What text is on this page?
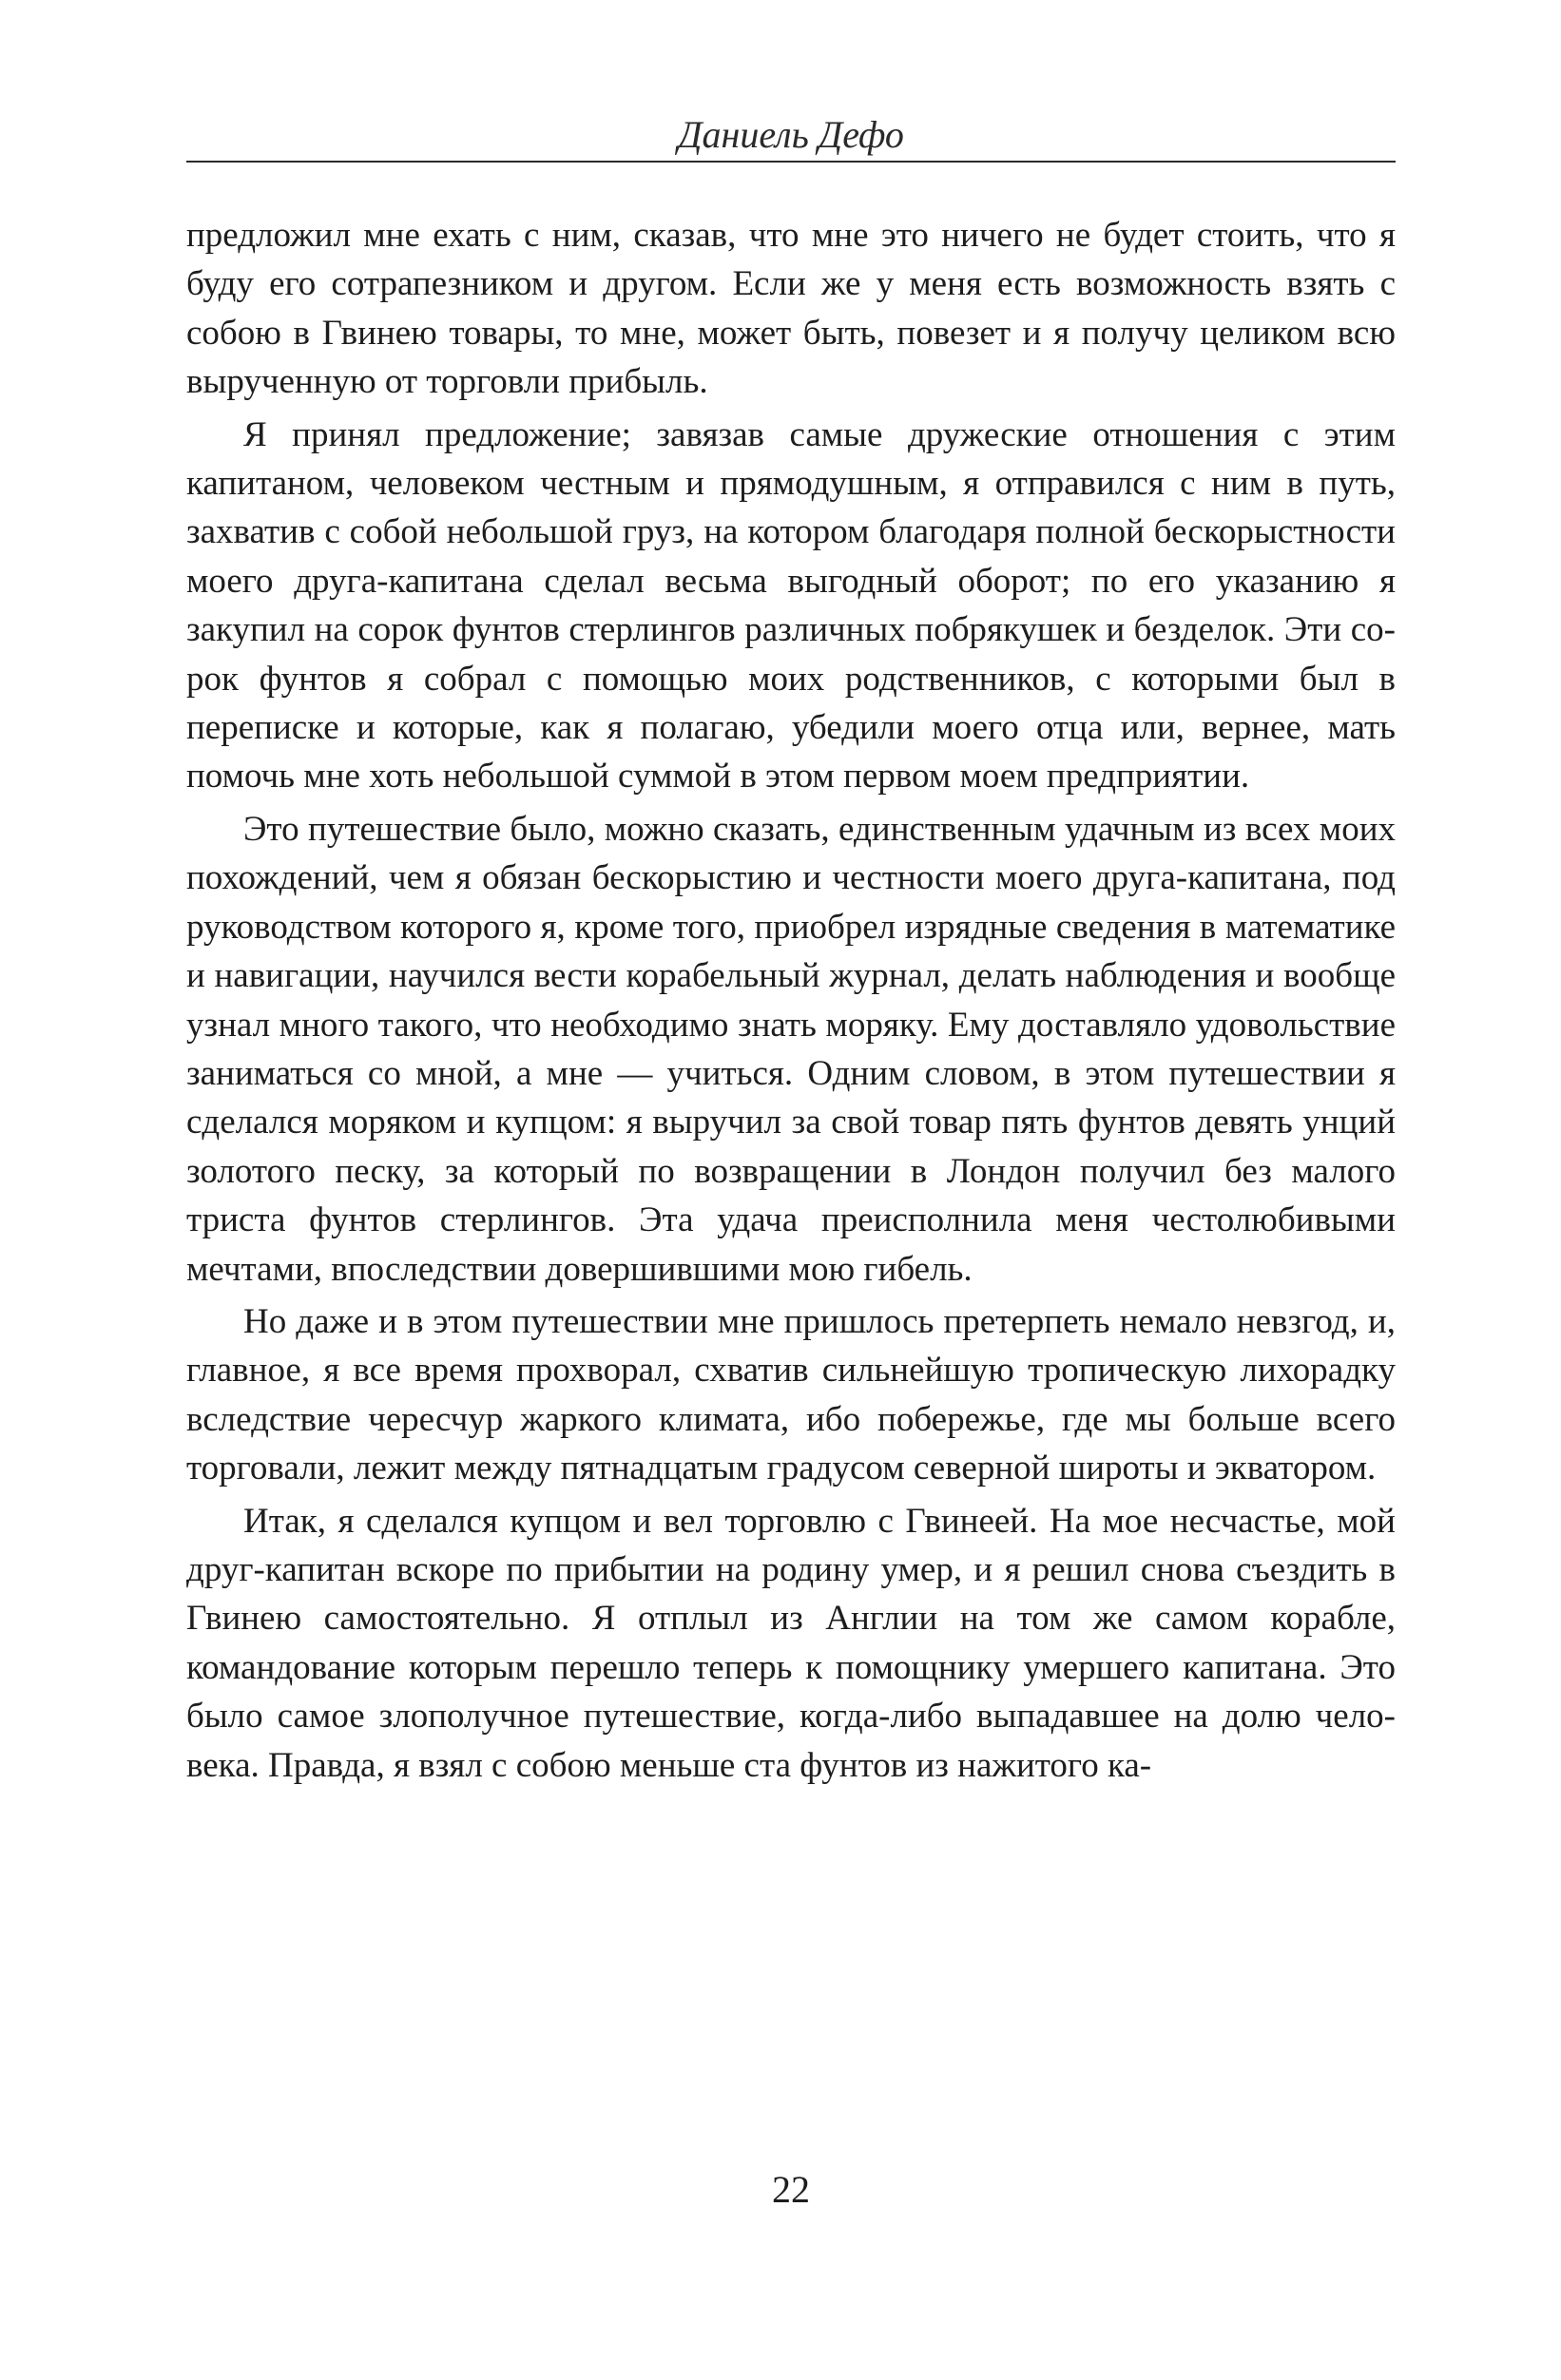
Даниель Дефо

предложил мне ехать с ним, сказав, что мне это ничего не будет стоить, что я буду его сотрапезником и другом. Если же у меня есть возможность взять с собою в Гвинею товары, то мне, может быть, повезет и я получу целиком всю вырученную от торговли прибыль.

Я принял предложение; завязав самые дружеские отношения с этим капитаном, человеком честным и прямодушным, я отправился с ним в путь, захватив с собой небольшой груз, на котором благодаря полной бескорыстности моего друга-капитана сделал весьма выгодный оборот; по его указанию я закупил на сорок фунтов стерлингов различных побрякушек и безделок. Эти сорок фунтов я собрал с помощью моих родственников, с которыми был в переписке и которые, как я полагаю, убедили моего отца или, вернее, мать помочь мне хоть небольшой суммой в этом первом моем предприятии.

Это путешествие было, можно сказать, единственным удачным из всех моих похождений, чем я обязан бескорыстию и честности моего друга-капитана, под руководством которого я, кроме того, приобрел изрядные сведения в математике и навигации, научился вести корабельный журнал, делать наблюдения и вообще узнал много такого, что необходимо знать моряку. Ему доставляло удовольствие заниматься со мной, а мне — учиться. Одним словом, в этом путешествии я сделался моряком и купцом: я выручил за свой товар пять фунтов девять унций золотого песку, за который по возвращении в Лондон получил без малого триста фунтов стерлингов. Эта удача преисполнила меня честолюбивыми мечтами, впоследствии довершившими мою гибель.

Но даже и в этом путешествии мне пришлось претерпеть немало невзгод, и, главное, я все время прохворал, схватив сильнейшую тропическую лихорадку вследствие чересчур жаркого климата, ибо побережье, где мы больше всего торговали, лежит между пятнадцатым градусом северной широты и экватором.

Итак, я сделался купцом и вел торговлю с Гвинеей. На мое несчастье, мой друг-капитан вскоре по прибытии на родину умер, и я решил снова съездить в Гвинею самостоятельно. Я отплыл из Англии на том же самом корабле, командование которым перешло теперь к помощнику умершего капитана. Это было самое злополучное путешествие, когда-либо выпадавшее на долю человека. Правда, я взял с собою меньше ста фунтов из нажитого ка-

22
